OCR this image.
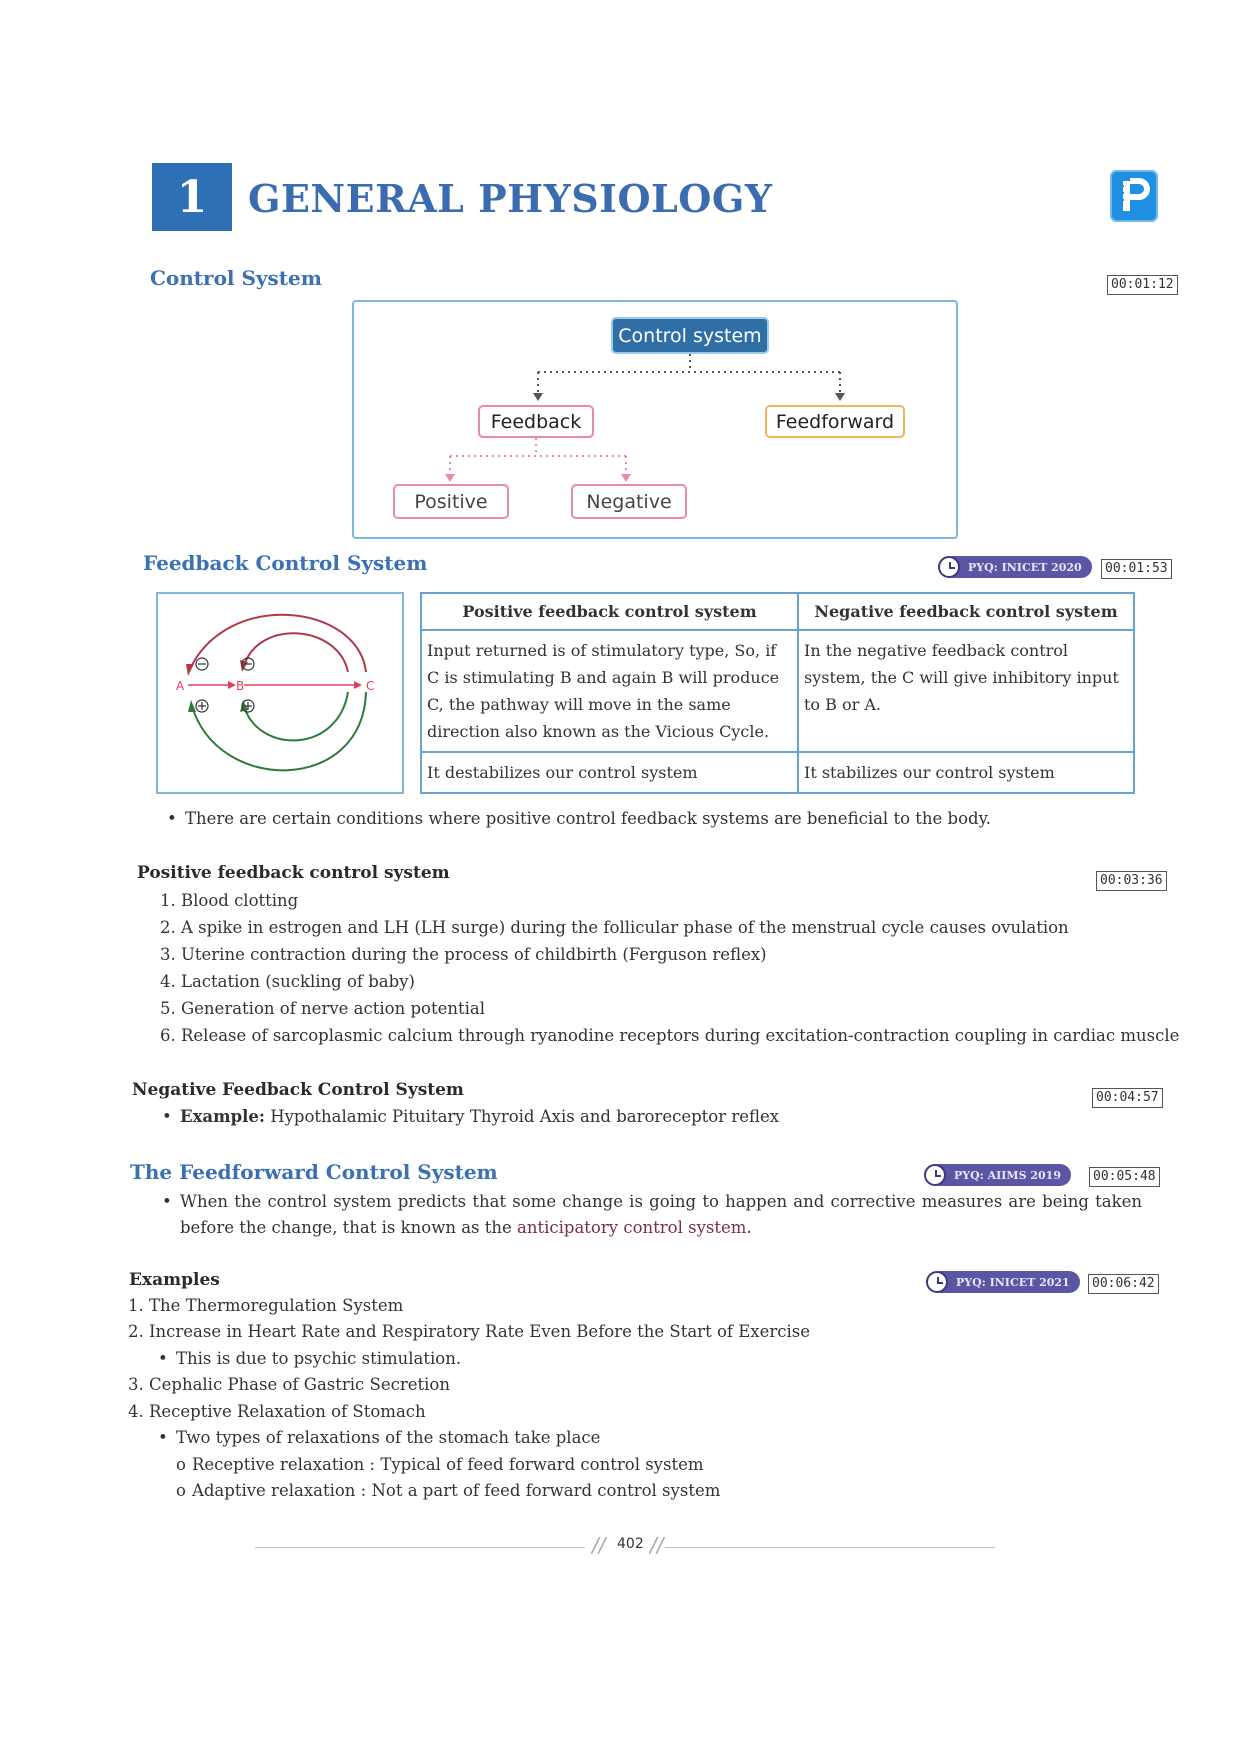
1	GENERAL PHYSIOLOGY
Control System	00:01:12
Control system
Feedback	Feedforward
Positive	Negative
Feedback Control System	PYQ: INICET 2020	00:01:53
A	B	C
Positive feedback control system	Negative feedback control system
Input returned is of stimulatory type, So, if C is stimulating B and again B will produce C, the pathway will move in the same direction also known as the Vicious Cycle.	In the negative feedback control system, the C will give inhibitory input to B or A.
It destabilizes our control system	It stabilizes our control system
• There are certain conditions where positive control feedback systems are beneficial to the body.
Positive feedback control system	00:03:36
1. Blood clotting
2. A spike in estrogen and LH (LH surge) during the follicular phase of the menstrual cycle causes ovulation
3. Uterine contraction during the process of childbirth (Ferguson reflex)
4. Lactation (suckling of baby)
5. Generation of nerve action potential
6. Release of sarcoplasmic calcium through ryanodine receptors during excitation-contraction coupling in cardiac muscle
Negative Feedback Control System	00:04:57
• Example: Hypothalamic Pituitary Thyroid Axis and baroreceptor reflex
The Feedforward Control System	PYQ: AIIMS 2019	00:05:48
• When the control system predicts that some change is going to happen and corrective measures are being taken before the change, that is known as the anticipatory control system.
Examples	PYQ: INICET 2021	00:06:42
1. The Thermoregulation System
2. Increase in Heart Rate and Respiratory Rate Even Before the Start of Exercise
• This is due to psychic stimulation.
3. Cephalic Phase of Gastric Secretion
4. Receptive Relaxation of Stomach
• Two types of relaxations of the stomach take place
o Receptive relaxation : Typical of feed forward control system
o Adaptive relaxation : Not a part of feed forward control system
// 402 //
